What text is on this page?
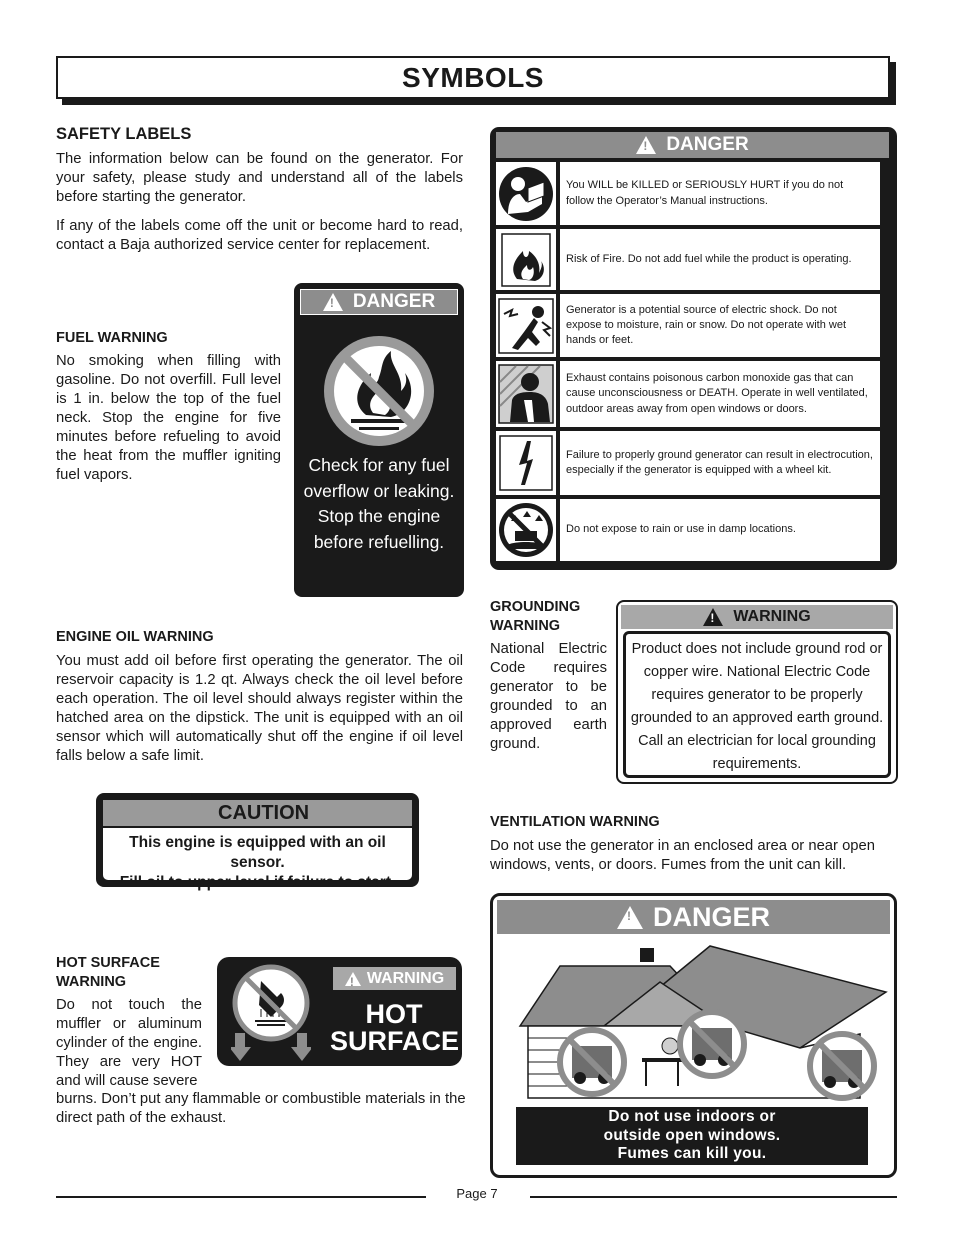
SYMBOLS
SAFETY LABELS
The information below can be found on the generator. For your safety, please study and understand all of the labels before starting the generator.
If any of the labels come off the unit or become hard to read, contact a Baja authorized service center for replacement.
FUEL WARNING
No smoking when filling with gasoline. Do not overfill. Full level is 1 in. below the top of the fuel neck. Stop the engine for five minutes before refueling to avoid the heat from the muffler igniting fuel vapors.
!
DANGER
Check for any fuel overflow or leaking. Stop the engine before refuelling.
!
DANGER
You WILL be KILLED or SERIOUSLY HURT if you do not follow the Operator’s Manual instructions.
Risk of Fire. Do not add fuel while the product is operating.
Generator is a potential source of electric shock. Do not expose to moisture, rain or snow. Do not operate with wet hands or feet.
Exhaust contains poisonous carbon monoxide gas that can cause unconsciousness or DEATH. Operate in well ventilated, outdoor areas away from open windows or doors.
Failure to properly ground generator can result in electrocution, especially if the generator is equipped with a wheel kit.
Do not expose to rain or use in damp locations.
GROUNDING WARNING
National Electric Code requires generator to be grounded to an approved earth ground.
!
WARNING
Product does not include ground rod or copper wire. National Electric Code requires generator to be properly grounded to an approved earth ground. Call an electrician for local grounding requirements.
ENGINE OIL WARNING
You must add oil before first operating the generator. The oil reservoir capacity is 1.2 qt. Always check the oil level before each operation. The oil level should always register within the hatched area on the dipstick. The unit is equipped with an oil sensor which will automatically shut off the engine if oil level falls below a safe limit.
CAUTION
This engine is equipped with an oil sensor.
Fill oil to upper level if failure to start.
VENTILATION WARNING
Do not use the generator in an enclosed area or near open windows, vents, or doors. Fumes from the unit can kill.
!
DANGER
Do not use indoors or
outside open windows.
Fumes can kill you.
HOT SURFACE WARNING
Do not touch the muffler or aluminum cylinder of the engine. They are very HOT and will cause severe
burns. Don’t put any flammable or combustible materials in the direct path of the exhaust.
!
WARNING
HOT
SURFACE
Page 7
